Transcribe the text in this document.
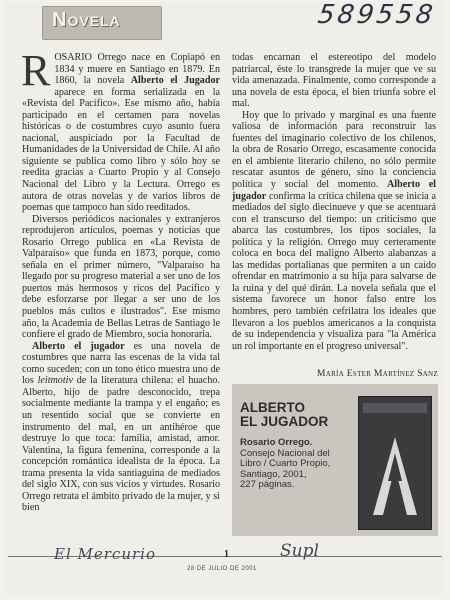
Novela	589558
R OSARIO Orrego nace en Copiapó en 1834 y muere en Santiago en 1879. En 1860, la novela Alberto el Jugador aparece en forma serializada en la «Revista del Pacífico». Ese mismo año, había participado en el certamen para novelas históricas o de costumbres cuyo asunto fuera nacional, auspiciado por la Facultad de Humanidades de la Universidad de Chile. Al año siguiente se publica como libro y sólo hoy se reedita gracias a Cuarto Propio y al Consejo Nacional del Libro y la Lectura. Orrego es autora de otras novelas y de varios libros de poemas que tampoco han sido reeditados.

Diversos periódicos nacionales y extranjeros reprodujeron artículos, poemas y noticias que Rosario Orrego publica en «La Revista de Valparaíso» que funda en 1873, porque, como señala en el primer número, "Valparaíso ha llegado por su progreso material a ser uno de los puertos más hermosos y ricos del Pacífico y debe esforzarse por llegar a ser uno de los pueblos más cultos e ilustrados". Ese mismo año, la Academia de Bellas Letras de Santiago le confiere el grado de Miembro, socia honoraria.

Alberto el jugador es una novela de costumbres que narra las escenas de la vida tal como suceden; con un tono ético muestra uno de los leitmotiv de la literatura chilena: el huacho. Alberto, hijo de padre desconocido, trepa socialmente mediante la trampa y el engaño; es un resentido social que se convierte en instrumento del mal, en un antihéroe que destruye lo que toca: familia, amistad, amor. Valentina, la figura femenina, corresponde a la concepción romántica idealista de la época. La trama presenta la vida santiaguina de mediados del siglo XIX, con sus vicios y virtudes. Rosario Orrego retrata el ámbito privado de la mujer, y si bien

todas encarnan el estereotipo del modelo patriarcal, éste lo transgrede la mujer que ve su vida amenazada. Finalmente, como corresponde a una novela de esta época, el bien triunfa sobre el mal.

Hoy que lo privado y marginal es una fuente valiosa de información para reconstruir las fuentes del imaginario colectivo de los chilenos, la obra de Rosario Orrego, escasamente conocida en el ambiente literario chileno, no sólo permite rescatar asuntos de género, sino la conciencia política y social del momento. Alberto el jugador confirma la crítica chilena que se inicia a mediados del siglo diecinueve y que se acentuará con el transcurso del tiempo: un criticismo que abarca las costumbres, los tipos sociales, la política y la religión. Orrego muy certeramente coloca en boca del maligno Alberto alabanzas a las medidas portalianas que permiten a un caído ofrendar en matrimonio a su hija para salvarse de la ruina y del qué dirán. La novela señala que el sistema favorece un honor falso entre los hombres, pero también cefrilatra los ideales que llevaron a los pueblos americanos a la conquista de su independencia y visualiza para "la América un rol importante en el progreso universal".

María Ester Martínez Sanz
ALBERTO
EL JUGADOR
Rosario Orrego.
Consejo Nacional del
Libro / Cuarto Propio,
Santiago, 2001,
227 páginas.
El Mercurio	1	Supl
28 DE JULIO DE 2001
